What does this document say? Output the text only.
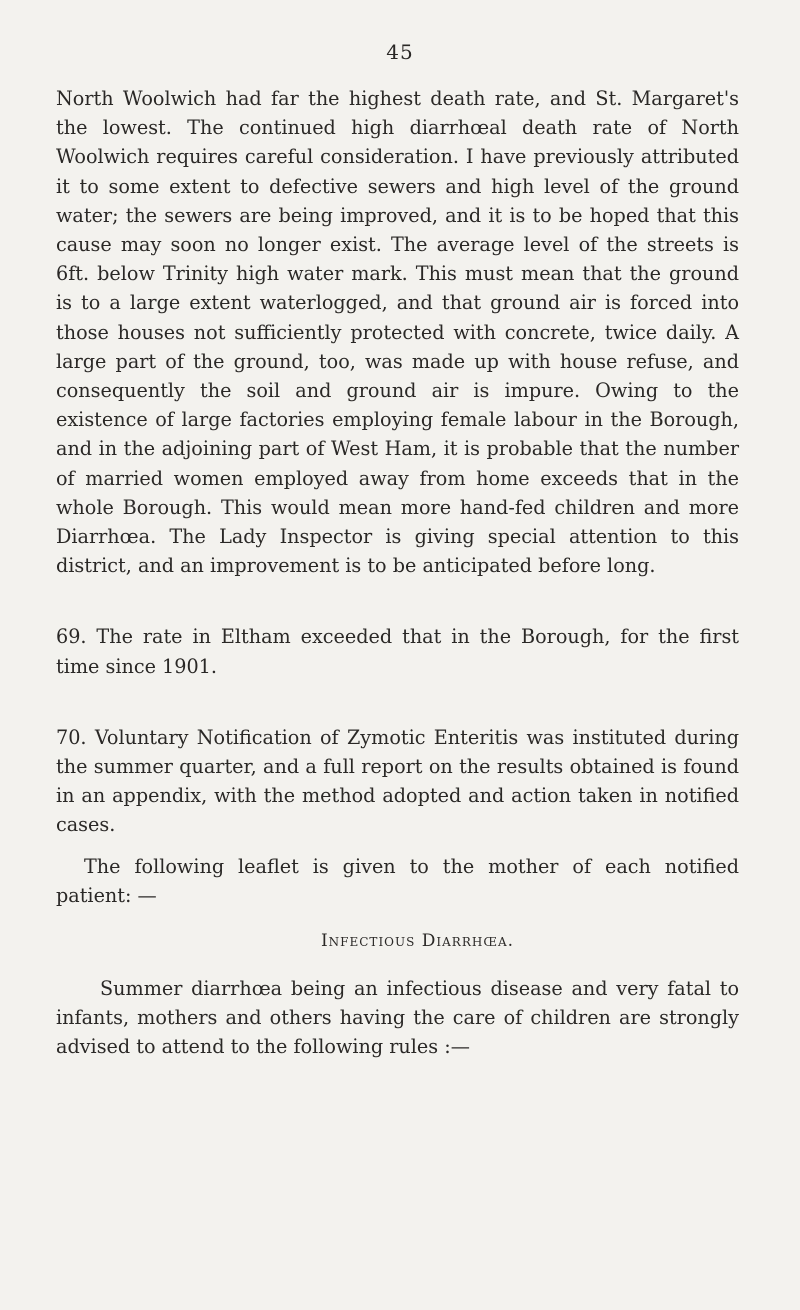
45

North Woolwich had far the highest death rate, and St. Margaret's the lowest. The continued high diarrhœal death rate of North Woolwich requires careful consideration. I have previously attributed it to some extent to defective sewers and high level of the ground water; the sewers are being improved, and it is to be hoped that this cause may soon no longer exist. The average level of the streets is 6ft. below Trinity high water mark. This must mean that the ground is to a large extent waterlogged, and that ground air is forced into those houses not sufficiently protected with concrete, twice daily. A large part of the ground, too, was made up with house refuse, and consequently the soil and ground air is impure. Owing to the existence of large factories employing female labour in the Borough, and in the adjoining part of West Ham, it is probable that the number of married women employed away from home exceeds that in the whole Borough. This would mean more hand-fed children and more Diarrhœa. The Lady Inspector is giving special attention to this district, and an improvement is to be anticipated before long.

69. The rate in Eltham exceeded that in the Borough, for the first time since 1901.

70. Voluntary Notification of Zymotic Enteritis was instituted during the summer quarter, and a full report on the results obtained is found in an appendix, with the method adopted and action taken in notified cases.

The following leaflet is given to the mother of each notified patient: —

Infectious Diarrhœa.

Summer diarrhœa being an infectious disease and very fatal to infants, mothers and others having the care of children are strongly advised to attend to the following rules :—
